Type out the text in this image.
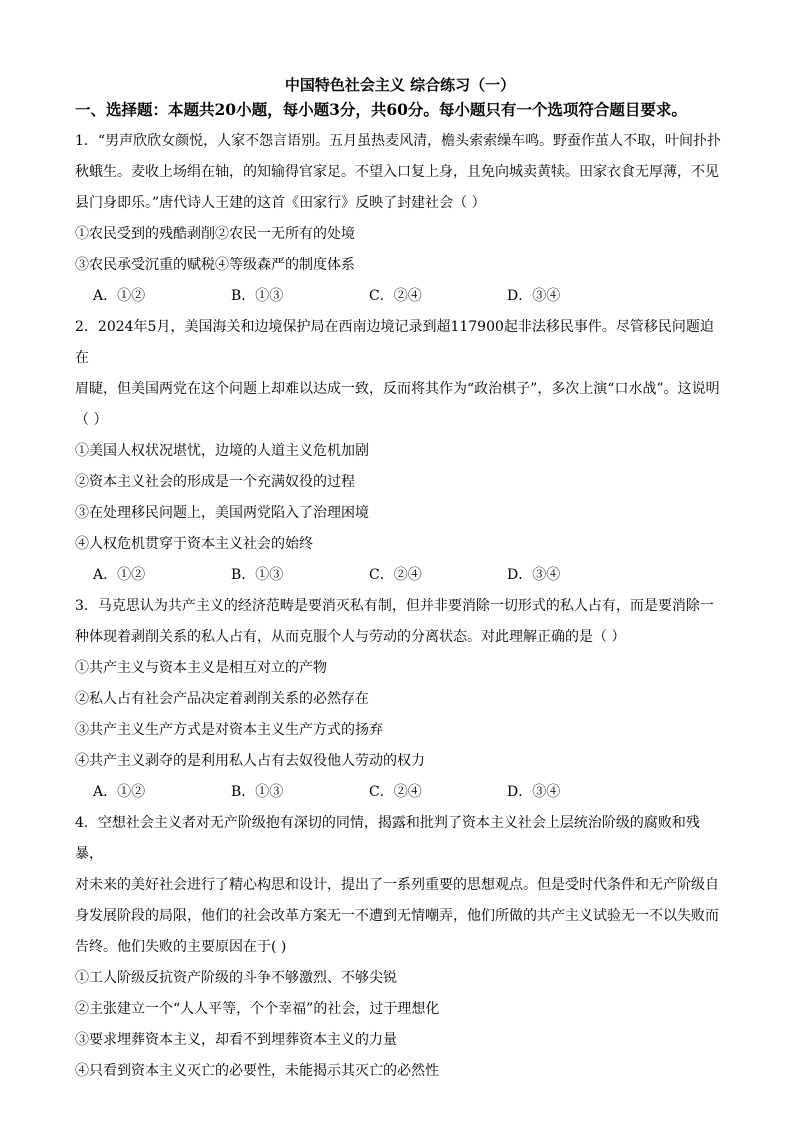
中国特色社会主义 综合练习（一）
一、选择题：本题共20小题，每小题3分，共60分。每小题只有一个选项符合题目要求。
1．“男声欣欣女颜悦，人家不怨言语别。五月虽热麦风清，檐头索索缲车鸣。野蚕作茧人不取，叶间扑扑
秋蛾生。麦收上场绢在轴，的知输得官家足。不望入口复上身，且免向城卖黄犊。田家衣食无厚薄，不见
县门身即乐。”唐代诗人王建的这首《田家行》反映了封建社会（ ）
①农民受到的残酷剥削②农民一无所有的处境
③农民承受沉重的赋税④等级森严的制度体系
A．①②	B．①③	C．②④	D．③④
2．2024年5月，美国海关和边境保护局在西南边境记录到超117900起非法移民事件。尽管移民问题迫在
眉睫，但美国两党在这个问题上却难以达成一致，反而将其作为“政治棋子”，多次上演“口水战”。这说明
（ ）
①美国人权状况堪忧，边境的人道主义危机加剧
②资本主义社会的形成是一个充满奴役的过程
③在处理移民问题上，美国两党陷入了治理困境
④人权危机贯穿于资本主义社会的始终
A．①②	B．①③	C．②④	D．③④
3．马克思认为共产主义的经济范畴是要消灭私有制，但并非要消除一切形式的私人占有，而是要消除一
种体现着剥削关系的私人占有，从而克服个人与劳动的分离状态。对此理解正确的是（ ）
①共产主义与资本主义是相互对立的产物
②私人占有社会产品决定着剥削关系的必然存在
③共产主义生产方式是对资本主义生产方式的扬弃
④共产主义剥夺的是利用私人占有去奴役他人劳动的权力
A．①②	B．①③	C．②④	D．③④
4．空想社会主义者对无产阶级抱有深切的同情，揭露和批判了资本主义社会上层统治阶级的腐败和残暴，
对未来的美好社会进行了精心构思和设计，提出了一系列重要的思想观点。但是受时代条件和无产阶级自
身发展阶段的局限，他们的社会改革方案无一不遭到无情嘲弄，他们所做的共产主义试验无一不以失败而
告终。他们失败的主要原因在于( )
①工人阶级反抗资产阶级的斗争不够激烈、不够尖锐
②主张建立一个“人人平等，个个幸福”的社会，过于理想化
③要求埋葬资本主义，却看不到埋葬资本主义的力量
④只看到资本主义灭亡的必要性，未能揭示其灭亡的必然性
